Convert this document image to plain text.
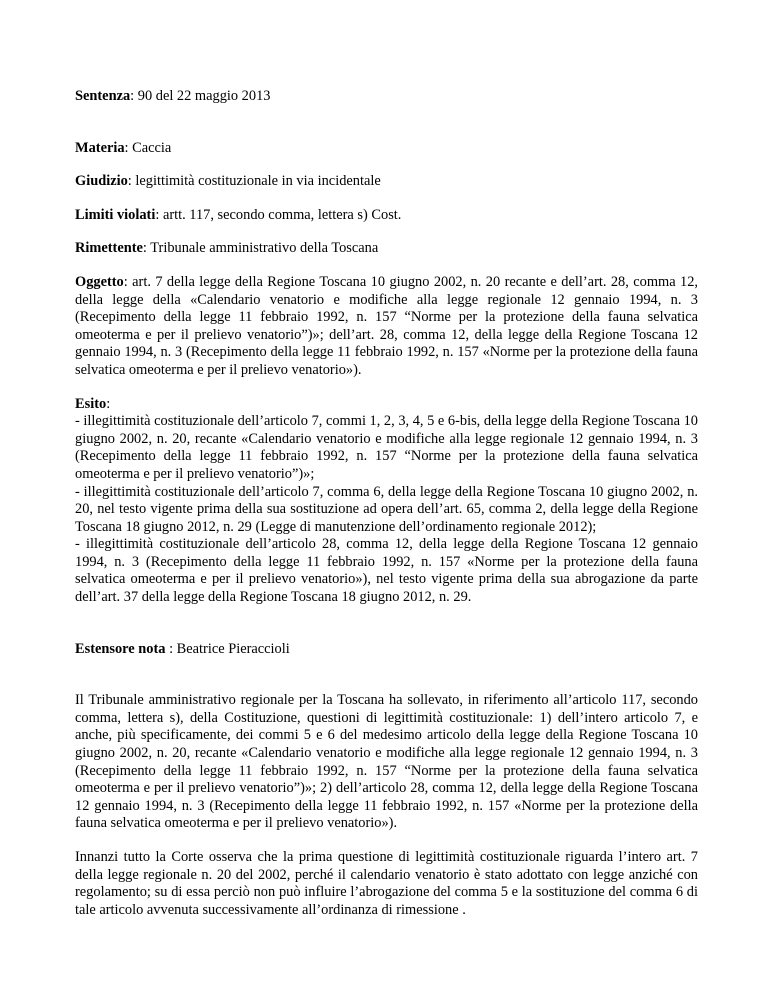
Sentenza: 90 del 22 maggio 2013

Materia: Caccia

Giudizio: legittimità costituzionale in via incidentale

Limiti violati: artt. 117, secondo comma, lettera s) Cost.

Rimettente: Tribunale amministrativo della Toscana

Oggetto: art. 7 della legge della Regione Toscana 10 giugno 2002, n. 20 recante e dell’art. 28, comma 12, della legge della «Calendario venatorio e modifiche alla legge regionale 12 gennaio 1994, n. 3 (Recepimento della legge 11 febbraio 1992, n. 157 “Norme per la protezione della fauna selvatica omeoterma e per il prelievo venatorio”)»; dell’art. 28, comma 12, della legge della Regione Toscana 12 gennaio 1994, n. 3 (Recepimento della legge 11 febbraio 1992, n. 157 «Norme per la protezione della fauna selvatica omeoterma e per il prelievo venatorio»).

Esito:

- illegittimità costituzionale dell’articolo 7, commi 1, 2, 3, 4, 5 e 6-bis, della legge della Regione Toscana 10 giugno 2002, n. 20, recante «Calendario venatorio e modifiche alla legge regionale 12 gennaio 1994, n. 3 (Recepimento della legge 11 febbraio 1992, n. 157 “Norme per la protezione della fauna selvatica omeoterma e per il prelievo venatorio”)»;

- illegittimità costituzionale dell’articolo 7, comma 6, della legge della Regione Toscana 10 giugno 2002, n. 20, nel testo vigente prima della sua sostituzione ad opera dell’art. 65, comma 2, della legge della Regione Toscana 18 giugno 2012, n. 29 (Legge di manutenzione dell’ordinamento regionale 2012);

- illegittimità costituzionale dell’articolo 28, comma 12, della legge della Regione Toscana 12 gennaio 1994, n. 3 (Recepimento della legge 11 febbraio 1992, n. 157 «Norme per la protezione della fauna selvatica omeoterma e per il prelievo venatorio»), nel testo vigente prima della sua abrogazione da parte dell’art. 37 della legge della Regione Toscana 18 giugno 2012, n. 29.

Estensore nota : Beatrice Pieraccioli

Il Tribunale amministrativo regionale per la Toscana ha sollevato, in riferimento all’articolo 117, secondo comma, lettera s), della Costituzione, questioni di legittimità costituzionale: 1) dell’intero articolo 7, e anche, più specificamente, dei commi 5 e 6 del medesimo articolo della legge della Regione Toscana 10 giugno 2002, n. 20, recante «Calendario venatorio e modifiche alla legge regionale 12 gennaio 1994, n. 3 (Recepimento della legge 11 febbraio 1992, n. 157 “Norme per la protezione della fauna selvatica omeoterma e per il prelievo venatorio”)»; 2) dell’articolo 28, comma 12, della legge della Regione Toscana 12 gennaio 1994, n. 3 (Recepimento della legge 11 febbraio 1992, n. 157 «Norme per la protezione della fauna selvatica omeoterma e per il prelievo venatorio»).

Innanzi tutto la Corte osserva che la prima questione di legittimità costituzionale riguarda l’intero art. 7 della legge regionale n. 20 del 2002, perché il calendario venatorio è stato adottato con legge anziché con regolamento; su di essa perciò non può influire l’abrogazione del comma 5 e la sostituzione del comma 6 di tale articolo avvenuta successivamente all’ordinanza di rimessione .
